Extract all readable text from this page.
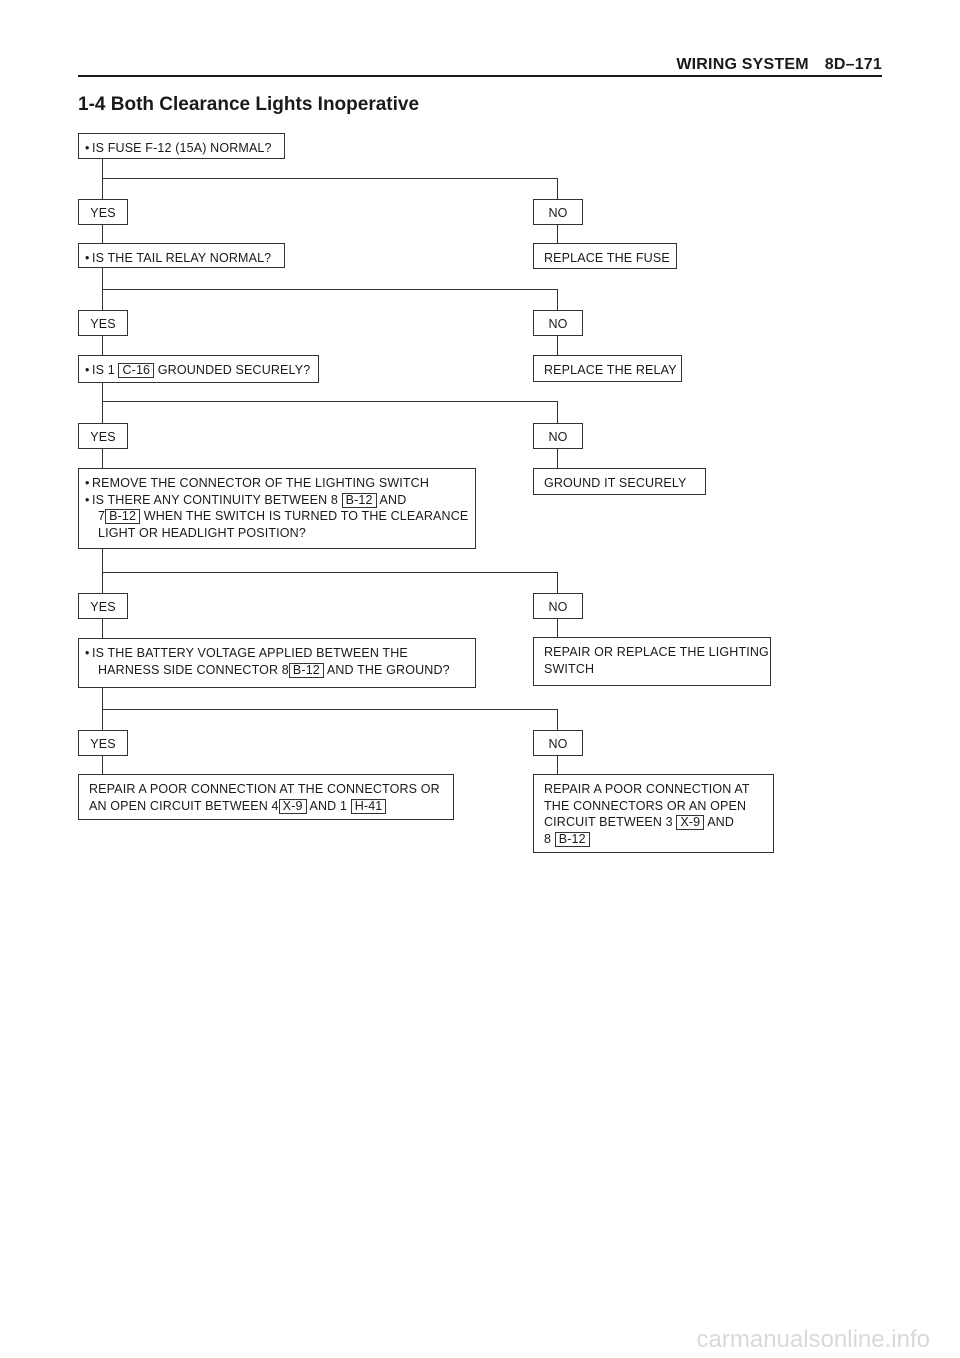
WIRING SYSTEM 8D–171
1-4 Both Clearance Lights Inoperative
• IS FUSE F-12 (15A) NORMAL?
YES	NO
REPLACE THE FUSE
• IS THE TAIL RELAY NORMAL?
YES	NO
REPLACE THE RELAY
• IS 1 C-16 GROUNDED SECURELY?
YES	NO
GROUND IT SECURELY
• REMOVE THE CONNECTOR OF THE LIGHTING SWITCH
• IS THERE ANY CONTINUITY BETWEEN 8 B-12 AND
7 B-12 WHEN THE SWITCH IS TURNED TO THE CLEARANCE
LIGHT OR HEADLIGHT POSITION?
YES	NO
REPAIR OR REPLACE THE LIGHTING
SWITCH
• IS THE BATTERY VOLTAGE APPLIED BETWEEN THE
HARNESS SIDE CONNECTOR 8 B-12 AND THE GROUND?
YES	NO
REPAIR A POOR CONNECTION AT THE CONNECTORS OR
AN OPEN CIRCUIT BETWEEN 4 X-9 AND 1 H-41
REPAIR A POOR CONNECTION AT
THE CONNECTORS OR AN OPEN
CIRCUIT BETWEEN 3 X-9 AND
8 B-12
carmanualsonline.info
